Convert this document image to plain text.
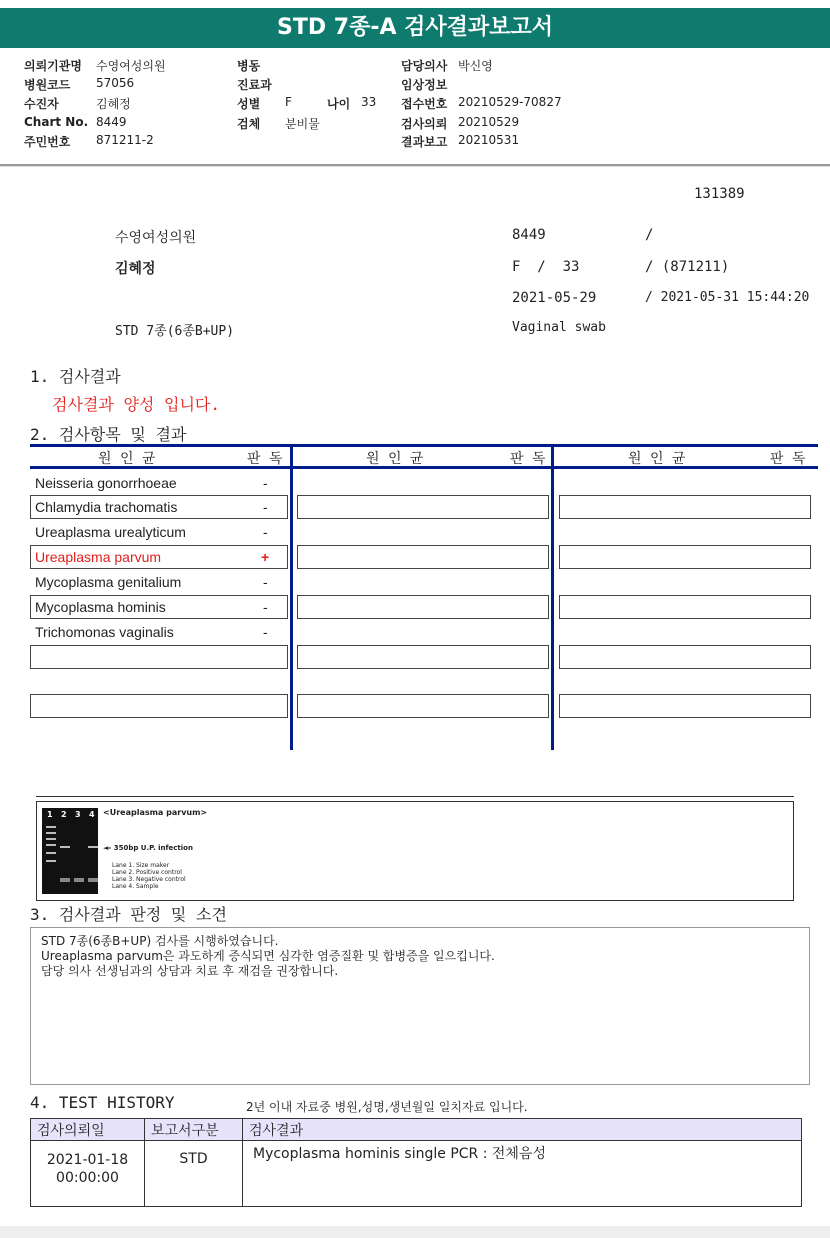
STD 7종-A 검사결과보고서
의뢰기관명 수영여성의원
병원코드 57056
수진자	김혜정
Chart No. 8449
주민번호 871211-2
병동
진료과
성별 F	나이 33
검체 분비물
담당의사 박신영
임상정보
접수번호 20210529-70827
검사의뢰 20210529
결과보고 20210531
131389
수영여성의원	8449	/
김혜정	F  /  33	/ (871211)
2021-05-29	/ 2021-05-31 15:44:20
STD 7종(6종B+UP)	Vaginal swab
1. 검사결과
검사결과 양성 입니다.
2. 검사항목 및 결과
원 인 균	판 독	원 인 균	판 독	원 인 균	판 독
Neisseria gonorrhoeae	-
Chlamydia trachomatis	-
Ureaplasma urealyticum	-
Ureaplasma parvum	+
Mycoplasma genitalium	-
Mycoplasma hominis	-
Trichomonas vaginalis	-
1 2 3 4 <Ureaplasma parvum>
◄- 350bp U.P. infection
Lane 1. Size maker
Lane 2. Positive control
Lane 3. Negative control
Lane 4. Sample
3. 검사결과 판정 및 소견
STD 7종(6종B+UP) 검사를 시행하였습니다.
Ureaplasma parvum은 과도하게 증식되면 심각한 염증질환 및 합병증을 일으킵니다.
담당 의사 선생님과의 상담과 치료 후 재검을 권장합니다.
4. TEST HISTORY	2년 이내 자료중 병원,성명,생년월일 일치자료 입니다.
검사의뢰일	보고서구분	검사결과

2021-01-18
00:00:00	STD	Mycoplasma hominis single PCR : 전체음성
